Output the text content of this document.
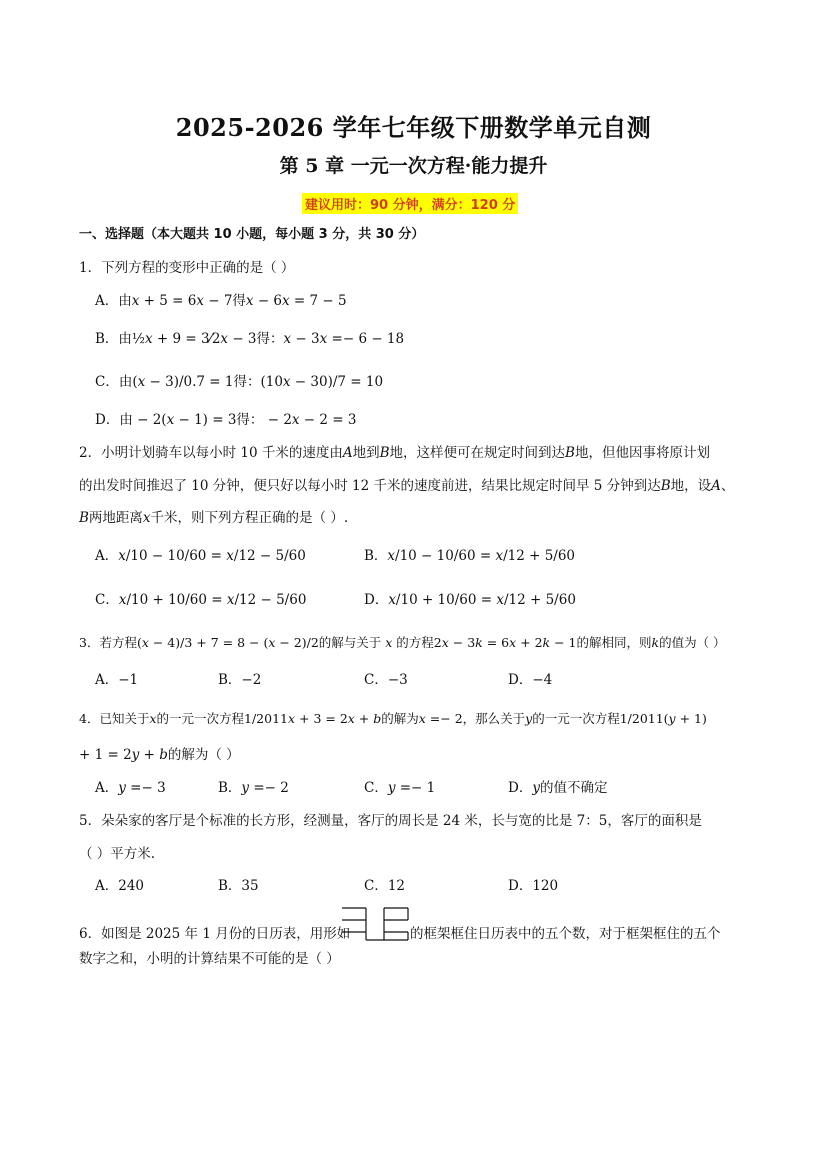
2025-2026 学年七年级下册数学单元自测
第 5 章 一元一次方程·能力提升
建议用时：90 分钟，满分：120 分
一、选择题（本大题共 10 小题，每小题 3 分，共 30 分）
1．下列方程的变形中正确的是（ ）
A．由𝑥 + 5 = 6𝑥 − 7得𝑥 − 6𝑥 = 7 − 5
B．由½𝑥 + 9 = 3⁄2𝑥 − 3得：𝑥 − 3𝑥 =− 6 − 18
C．由(𝑥 − 3)/0.7 = 1得：(10𝑥 − 30)/7 = 10
D．由 − 2(𝑥 − 1) = 3得： − 2𝑥 − 2 = 3
2．小明计划骑车以每小时 10 千米的速度由𝐴地到𝐵地，这样便可在规定时间到达𝐵地，但他因事将原计划
的出发时间推迟了 10 分钟，便只好以每小时 12 千米的速度前进，结果比规定时间早 5 分钟到达𝐵地，设𝐴、
𝐵两地距离𝑥千米，则下列方程正确的是（ ）.
A．𝑥/10 − 10/60 = 𝑥/12 − 5/60	B．𝑥/10 − 10/60 = 𝑥/12 + 5/60
C．𝑥/10 + 10/60 = 𝑥/12 − 5/60	D．𝑥/10 + 10/60 = 𝑥/12 + 5/60
3．若方程(𝑥 − 4)/3 + 7 = 8 − (𝑥 − 2)/2的解与关于 𝑥 的方程2𝑥 − 3𝑘 = 6𝑥 + 2𝑘 − 1的解相同，则𝑘的值为（ ）
A．−1	B．−2	C．−3	D．−4
4．已知关于𝑥的一元一次方程1/2011𝑥 + 3 = 2𝑥 + 𝑏的解为𝑥 =− 2，那么关于𝑦的一元一次方程1/2011(𝑦 + 1)
+ 1 = 2𝑦 + 𝑏的解为（ ）
A．𝑦 =− 3	B．𝑦 =− 2	C．𝑦 =− 1	D．𝑦的值不确定
5．朵朵家的客厅是个标准的长方形，经测量，客厅的周长是 24 米，长与宽的比是 7：5，客厅的面积是
（ ）平方米.
A．240	B．35	C．12	D．120
6．如图是 2025 年 1 月份的日历表，用形如	的框架框住日历表中的五个数，对于框架框住的五个
数字之和，小明的计算结果不可能的是（ ）
